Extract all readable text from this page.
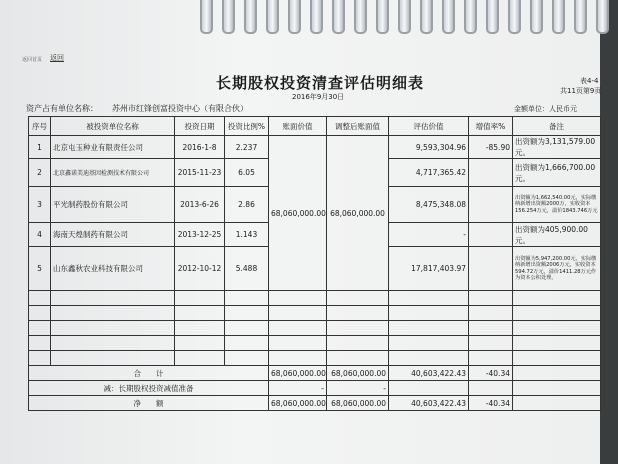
返回首页 返回
长期股权投资清查评估明细表	表4-4
2016年9月30日
共11页第9页
资产占有单位名称： 苏州市红锋创富投资中心（有限合伙）	金额单位：人民币元
序号	被投资单位名称	投资日期	投资比例%	账面价值	调整后账面值	评估价值	增值率%	备注
1	北京屯玉种业有限责任公司	2016-1-8	2.237	68,060,000.00	68,060,000.00	9,593,304.96	-85.90	出资额为3,131,579.00元。
2	北京鑫诺美迪基因检测技术有限公司	2015-11-23	6.05			4,717,365.42		出资额为1,666,700.00元。
3	平光制药股份有限公司	2013-6-26	2.86			8,475,348.08		出资额为1,662,540.00元，实际缴纳新增出资额2000万，实收资本156.254万元，溢价1843.746万元
4	海南天煌制药有限公司	2013-12-25	1.143			-		出资额为405,900.00元。
5	山东鑫秋农业科技有限公司	2012-10-12	5.488			17,817,403.97		出资额为5,947,200.00元，实际缴纳新增出资额2006万元，实收资本594.72万元，溢价1411.28万元作为资本公积处理。

合　　计				68,060,000.00	68,060,000.00	40,603,422.43	-40.34	
减：长期股权投资减值准备				-	-			
净　　额				68,060,000.00	68,060,000.00	40,603,422.43	-40.34	
